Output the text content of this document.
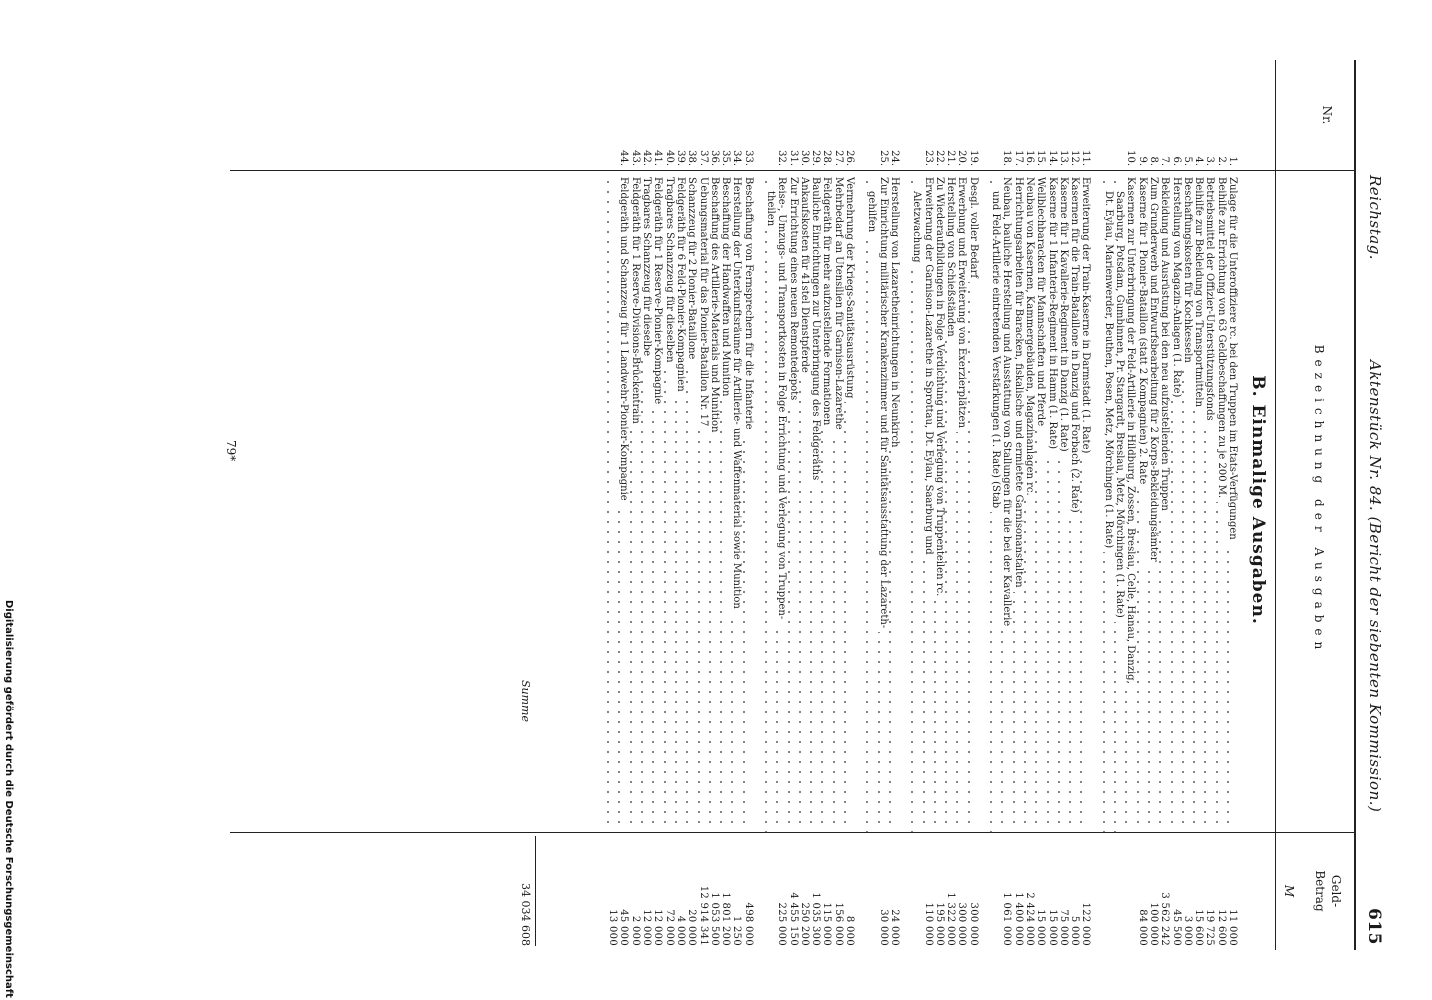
Digitalisierung gefördert durch die Deutsche Forschungsgemeinschaft
Reichstag.
Aktenstück Nr. 84. (Bericht der siebenten Kommission.)
615
Nr.
Bezeichnung der Ausgaben
Geld-
Betrag
M
B. Einmalige Ausgaben.
1.
Zulage für die Unteroffiziere rc. bei den Truppen im Etats-Verfügungen
11 000
2.
Beihilfe zur Errichtung von 63 Geldbeschaffungen zu je 200 M.
12 600
3.
Betriebsmittel der Offizier-Unterstützungsfonds
19 725
4.
Beihilfe zur Bekleidung von Transportmitteln
15 600
5.
Beschaffungskosten für Kochkesseln
3 000
6.
Herstellung von Magazin-Anlagen (1. Rate)
45 500
7.
Bekleidung und Ausrüstung bei den neu aufzustellenden Truppen
3 562 242
8.
Zum Grunderwerb und Entwurfsbearbeitung für 2 Korps-Bekleidungsämter
100 000
9.
Kaserne für 1 Pionier-Bataillon (statt 2 Kompagnien) 2. Rate
84 000
10.
Kasernen zur Unterbringung der Feld-Artillerie in Hildburg, Zossen, Breslau, Celle, Hanau, Danzig,
Saarburg, Potsdam, Gumbinnen, Pr. Stargardt, Breslau, Metz, Mörchingen (1. Rate)
Dt. Eylau, Marienwerder, Beuthen, Posen, Metz, Mörchingen (1. Rate)
11.
Erweiterung der Train-Kaserne in Darmstadt (1. Rate)
122 000
12.
Kasernen für die Train-Bataillone in Danzig und Forbach (2. Rate)
5 000
13.
Kaserne für 1 Kavallerie-Regiment in Danzig (1. Rate)
75 000
14.
Kaserne für 1 Infanterie-Regiment in Hamm (1. Rate)
15 000
15.
Wellblechbaracken für Mannschaften und Pferde
15 000
16.
Neubau von Kasernen, Kammergebäuden, Magazinanlagen rc.
2 424 000
17.
Herrichtungsarbeiten für Baracken, fiskalische und ermietete Garnisonanstalten
1 400 000
18.
Neubau, bauliche Herstellung und Ausstattung von Stallungen für die bei der Kavallerie
1 061 000
und Feld-Artillerie eintretenden Verstärkungen (1. Rate) (Stab
19.
Desgl. voller Bedarf
300 000
20.
Erwerbung und Erweiterung von Exerzierplätzen
300 000
21.
Herstellung von Schießständen
1 322 000
22.
Zu Wiederaufbildungen in Folge Verdichtung und Verlegung von Truppenteilen rc.
195 000
23.
Erweiterung der Garnison-Lazarethe in Sprottau, Dt. Eylau, Saarburg und
110 000
Aletzwachung
24.
Herstellung von Lazaretheinrichtungen in Neunkirch
24 000
25.
Zur Einrichtung militärischer Krankenzimmer und für Sanitätsausstattung der Lazareth-
30 000
gehilfen
26.
Vermehrung der Kriegs-Sanitätsausrüstung
8 000
27.
Mehrbedarf an Utensilien für Garnison-Lazarethe
156 000
28.
Feldgeräth für mehr aufzustellende Formationen
115 000
29.
Bauliche Einrichtungen zur Unterbringung des Feldgeräths
1 035 300
30.
Ankaufskosten für 41stel Dienstpferde
250 200
31.
Zur Errichtung eines neuen Remontedepots
4 455 150
32.
Reise-, Umzugs- und Transportkosten in Folge Errichtung und Verlegung von Truppen-
225 000
theilen
33.
Beschaffung von Fernsprechern für die Infanterie
498 000
34.
Herstellung der Unterkunftsräume für Artillerie- und Waffenmaterial sowie Munition
1 250
35.
Beschaffung der Handwaffen und Munition
1 801 200
36.
Beschaffung des Artillerie-Materials und Munition
1 053 500
37.
Uebungsmaterial für das Pionier-Bataillon Nr. 17
12 914 341
38.
Schanzzeug für 2 Pionier-Bataillone
20 000
39.
Feldgeräth für 6 Feld-Pionier-Kompagnien
4 000
40.
Tragbares Schanzzeug für dieselben
72 000
41.
Feldgeräth für 1 Reserve-Pionier-Kompagnie
12 000
42.
Tragbares Schanzzeug für dieselbe
12 000
43.
Feldgeräth für 1 Reserve-Divisions-Brückentrain
2 000
44.
Feldgeräth und Schanzzeug für 1 Landwehr-Pionier-Kompagnie
45 000
13 000
Summe
34 034 608
79*
